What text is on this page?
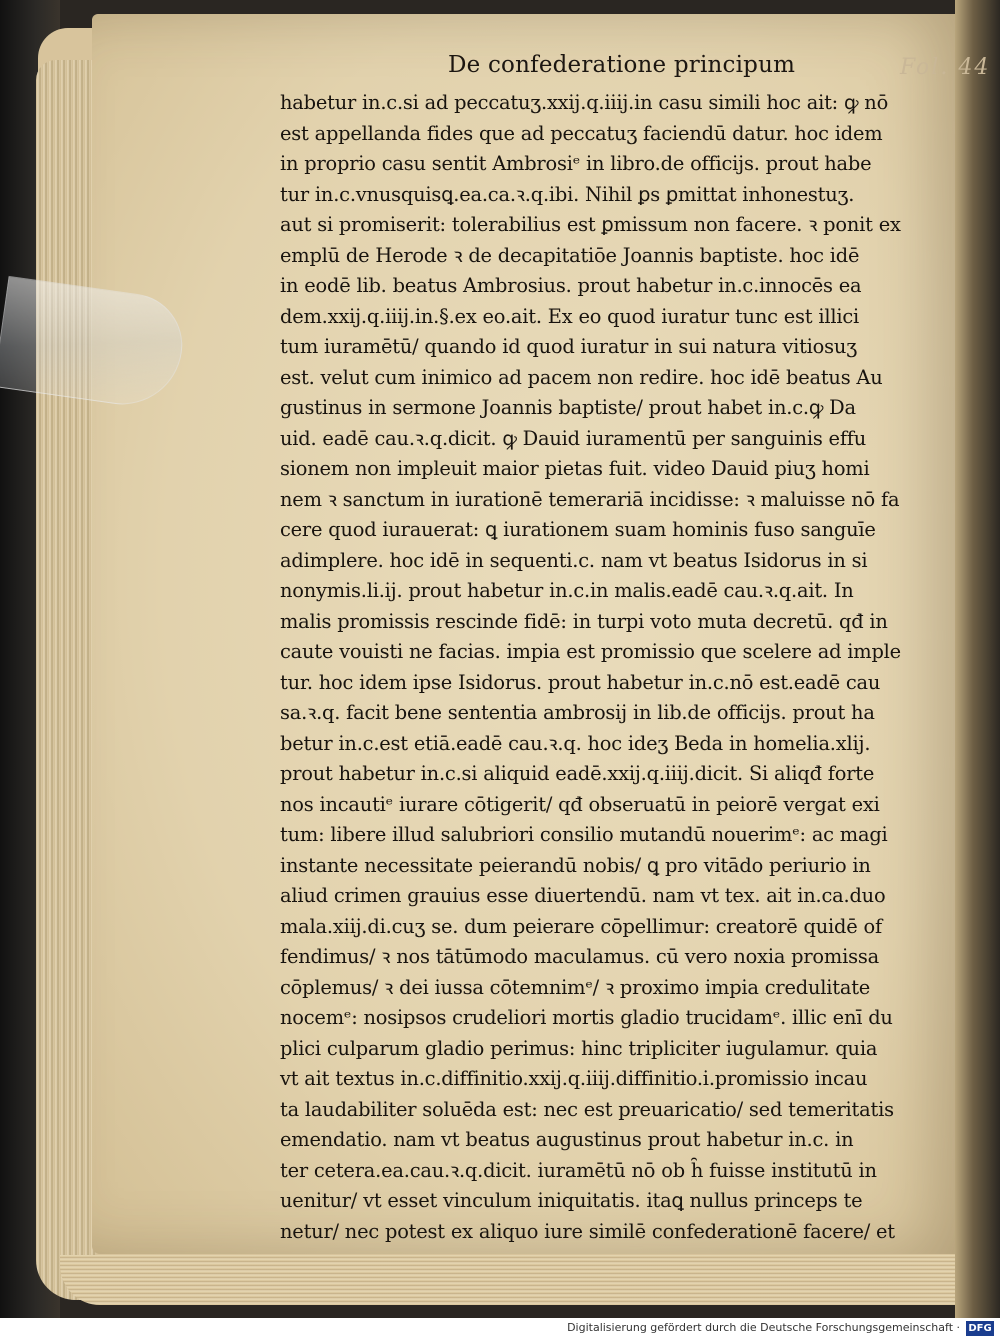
Fol. 44
De confederatione principum
habetur in.c.si ad peccatuʒ.xxij.q.iiij.in casu simili hoc ait: ꝙ nō
est appellanda fides que ad peccatuʒ faciendū datur. hoc idem
in proprio casu sentit Ambrosiᵉ in libro.de officijs. prout habe
tur in.c.vnusquisꝗ.ea.ca.ꝛ.q.ibi. Nihil ꝑs ꝑmittat inhonestuʒ.
aut si promiserit: tolerabilius est ꝑmissum non facere. ꝛ ponit ex
emplū de Herode ꝛ de decapitatiōe Joannis baptiste. hoc idē
in eodē lib. beatus Ambrosius. prout habetur in.c.innocēs ea
dem.xxij.q.iiij.in.§.ex eo.ait. Ex eo quod iuratur tunc est illici
tum iuramētū/ quando id quod iuratur in sui natura vitiosuʒ
est. velut cum inimico ad pacem non redire. hoc idē beatus Au
gustinus in sermone Joannis baptiste/ prout habet in.c.ꝙ Da
uid. eadē cau.ꝛ.q.dicit. ꝙ Dauid iuramentū per sanguinis effu
sionem non impleuit maior pietas fuit. video Dauid piuʒ homi
nem ꝛ sanctum in iurationē temerariā incidisse: ꝛ maluisse nō fa
cere quod iurauerat: ꝗ iurationem suam hominis fuso sanguīe
adimplere. hoc idē in sequenti.c. nam vt beatus Isidorus in si
nonymis.li.ij. prout habetur in.c.in malis.eadē cau.ꝛ.q.ait. In
malis promissis rescinde fidē: in turpi voto muta decretū. qđ in
caute vouisti ne facias. impia est promissio que scelere ad imple
tur. hoc idem ipse Isidorus. prout habetur in.c.nō est.eadē cau
sa.ꝛ.q. facit bene sententia ambrosij in lib.de officijs. prout ha
betur in.c.est etiā.eadē cau.ꝛ.q. hoc ideʒ Beda in homelia.xlij.
prout habetur in.c.si aliquid eadē.xxij.q.iiij.dicit. Si aliqđ forte
nos incautiᵉ iurare cōtigerit/ qđ obseruatū in peiorē vergat exi
tum: libere illud salubriori consilio mutandū nouerimᵉ: ac magi
instante necessitate peierandū nobis/ ꝗ pro vitādo periurio in
aliud crimen grauius esse diuertendū. nam vt tex. ait in.ca.duo
mala.xiij.di.cuʒ se. dum peierare cōpellimur: creatorē quidē of
fendimus/ ꝛ nos tātūmodo maculamus. cū vero noxia promissa
cōplemus/ ꝛ dei iussa cōtemnimᵉ/ ꝛ proximo impia credulitate
nocemᵉ: nosipsos crudeliori mortis gladio trucidamᵉ. illic enī du
plici culparum gladio perimus: hinc tripliciter iugulamur. quia
vt ait textus in.c.diffinitio.xxij.q.iiij.diffinitio.i.promissio incau
ta laudabiliter soluēda est: nec est preuaricatio/ sed temeritatis
emendatio. nam vt beatus augustinus prout habetur in.c. in
ter cetera.ea.cau.ꝛ.q.dicit. iuramētū nō ob h̑ fuisse institutū in
uenitur/ vt esset vinculum iniquitatis. itaꝗ nullus princeps te
netur/ nec potest ex aliquo iure similē confederationē facere/ et
Digitalisierung gefördert durch die Deutsche Forschungsgemeinschaft · DFG
